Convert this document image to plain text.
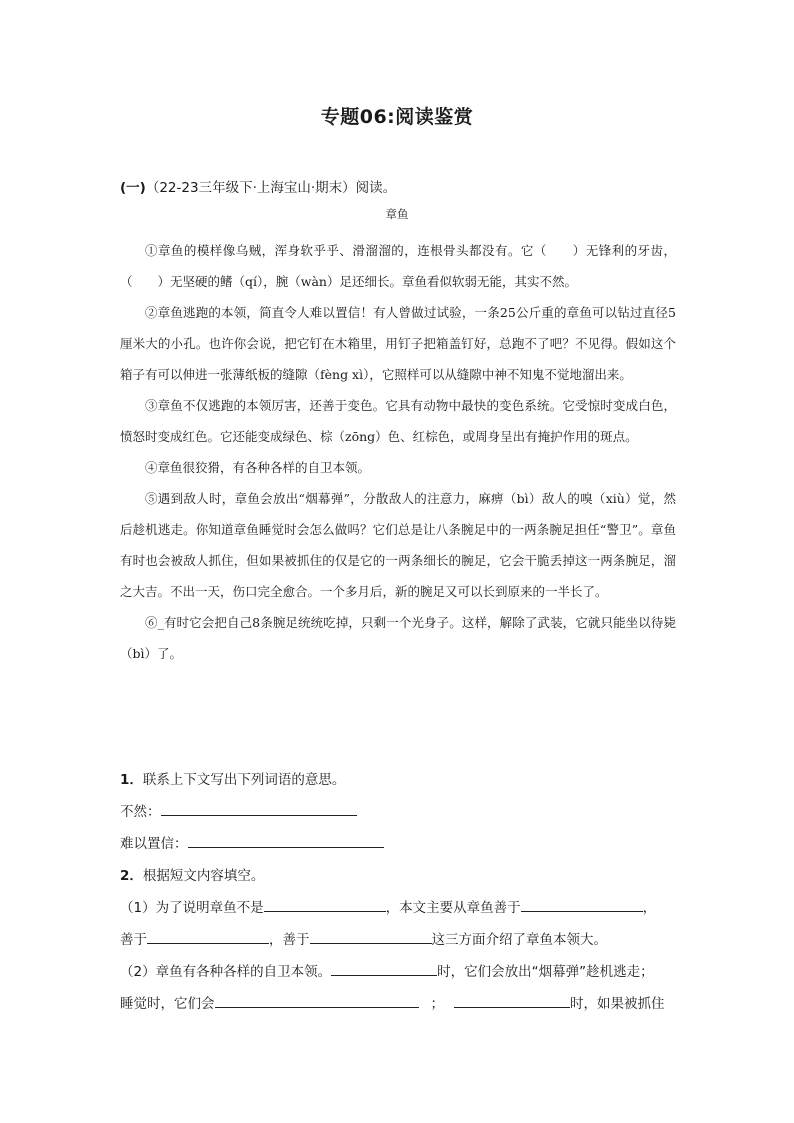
专题06:阅读鉴赏
(一)（22-23三年级下·上海宝山·期末）阅读。
章鱼

①章鱼的模样像乌贼，浑身软乎乎、滑溜溜的，连根骨头都没有。它（　　）无锋利的牙齿，（　　）无坚硬的鳍（qí），腕（wàn）足还细长。章鱼看似软弱无能，其实不然。

②章鱼逃跑的本领，简直令人难以置信！有人曾做过试验，一条25公斤重的章鱼可以钻过直径5厘米大的小孔。也许你会说，把它钉在木箱里，用钉子把箱盖钉好，总跑不了吧？不见得。假如这个箱子有可以伸进一张薄纸板的缝隙（fèng xì），它照样可以从缝隙中神不知鬼不觉地溜出来。

③章鱼不仅逃跑的本领厉害，还善于变色。它具有动物中最快的变色系统。它受惊时变成白色，愤怒时变成红色。它还能变成绿色、棕（zōng）色、红棕色，或周身呈出有掩护作用的斑点。

④章鱼很狡猾，有各种各样的自卫本领。

⑤遇到敌人时，章鱼会放出“烟幕弹”，分散敌人的注意力，麻痹（bì）敌人的嗅（xiù）觉，然后趁机逃走。你知道章鱼睡觉时会怎么做吗？它们总是让八条腕足中的一两条腕足担任“警卫”。章鱼有时也会被敌人抓住，但如果被抓住的仅是它的一两条细长的腕足，它会干脆丢掉这一两条腕足，溜之大吉。不出一天，伤口完全愈合。一个多月后，新的腕足又可以长到原来的一半长了。

⑥_有时它会把自己8条腕足统统吃掉，只剩一个光身子。这样，解除了武装，它就只能坐以待毙（bì）了。

1．联系上下文写出下列词语的意思。
不然：
难以置信：
2．根据短文内容填空。
（1）为了说明章鱼不是	，本文主要从章鱼善于	，
善于	，善于	这三方面介绍了章鱼本领大。
（2）章鱼有各种各样的自卫本领。	时，它们会放出“烟幕弹”趁机逃走；
睡觉时，它们会	；	时，如果被抓住
